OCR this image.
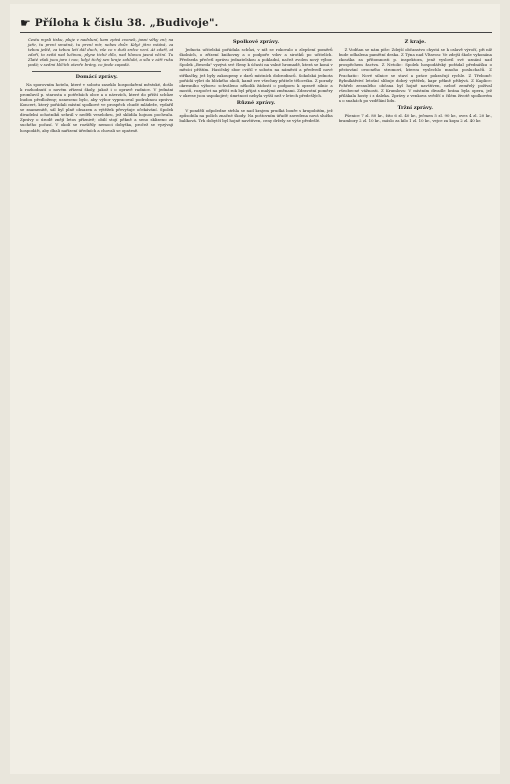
☛ Příloha k čislu 38. „Budivoje".

Cestu mysli tisku, pluje v nadsluní, kam zpívá zvonek, jasni věky zní; na jaře, tu první smutná, tu první mír, nebes dvůr. Když jitro vstává, za tebou ještě, za tebou letí dál duch, vše co v duši srdce vzní. At zdaří, ať zdaří, to svítá nad lučinou, plyne tiché dílo, nad hlavou jasná věžní. Tu Zlaté však jsou jaro i noc, když tichý sen kraje zahlubí, a síla v záři ruku podá; v sedmi klíčích otevře brány, co jinde zapadá.

Domácí zprávy.

Na sporovním hotelu, které v sobotu zaseklo hospodaření městské, došlo k rozhodnutí o novém zřízení školy, jakož i o opravě radnice. V jednání promluvil p. starosta o potřebách obce a o návrzích, které do příští schůze budou předloženy; usneseno bylo, aby výbor vypracoval podrobnou zprávu. Koncert, který pořádali místní spolkové ve prospěch chudé mládeže, vydařil se znamenitě, sál byl plně obsazen a výtěžek převyšuje očekávání. Spolek divadelní ochotníků sehrál v neděli veselohru, jež sklidila hojnou pochvalu. Zprávy o úrodě znějí letos příznivě; obilí stojí pěkně a seno sklizeno za suchého počasí. V okolí se rozšířily nemoci dobytka, pročež se vyzývají hospodáři, aby dbali nařízení úředních a chovali se opatrně.

Spolkové zprávy.

Jednota učitelská pořádala schůzi, v níž se rokovalo o zlepšení poměrů školních, o zřízení knihovny a o podpoře vdov a sirotků po učitelích. Předseda přečetl zprávu jednatelskou a pokladní, načež zvolen nový výbor. Spolek „Beseda" vyzývá své členy k účasti na valné hromadě, která se koná v měsíci příštím. Hasičský sbor cvičil v sobotu na náměstí a předvedl nové stříkačky, jež byly zakoupeny z darů místních dobrodinců. Sokolská jednota pořádá výlet do blízkého okolí, kamž zve všechny přátele tělocviku. Z porady okresního výboru: schváleno několik žádostí o podporu k opravě silnic a mostů, rozpočet na příští rok byl přijat s malými změnami. Zdravotní poměry v okrese jsou uspokojivé; úmrtnost nebyla vyšší než v letech předešlých.

Různé zprávy.

V pondělí odpoledne strhla se nad krajem prudká bouře s krupobitím, jež způsobila na polích značné škody. Na poštovním úřadě zavedena nová služba balíková. Trh dobytčí byl hojně navštíven, ceny držely se výše předešlé.

Z kraje.

Z Vodňan se nám píše: Zdejší občanstvo chystá se k oslavě výročí, při níž bude odhalena pamětní deska. Z Týna nad Vltavou: Ve zdejší škole vykonána zkouška za přítomnosti p. inspektora, jenž vyslovil své uznání nad prospěchem žactva. Z Netolic: Spolek hospodářský pořádal přednášku o pěstování ovocného stromoví, kterou vyslechlo mnoho posluchačů. Z Prachatic: Nové silnice se staví a práce pokračují rychle. Z Třeboně: Rybníkářství letošní slibuje dobrý výtěžek, kapr pěkně přibývá. Z Kaplice: Pohřeb zesnulého občana byl hojně navštíven, neboť zemřelý požíval všeobecné vážnosti. Z Krumlova: V místním divadle hrána byla opera, jež přilákala hosty i z daleka. Zprávy z venkova svědčí o čilém životě spolkovém a o snahách po vzdělání lidu.

Tržní zprávy.

Pšenice 7 zl. 80 kr., žito 6 zl. 40 kr., ječmen 5 zl. 90 kr., oves 4 zl. 20 kr., brambory 2 zl. 10 kr., máslo za kilo 1 zl. 10 kr., vejce za kopu 2 zl. 40 kr.
